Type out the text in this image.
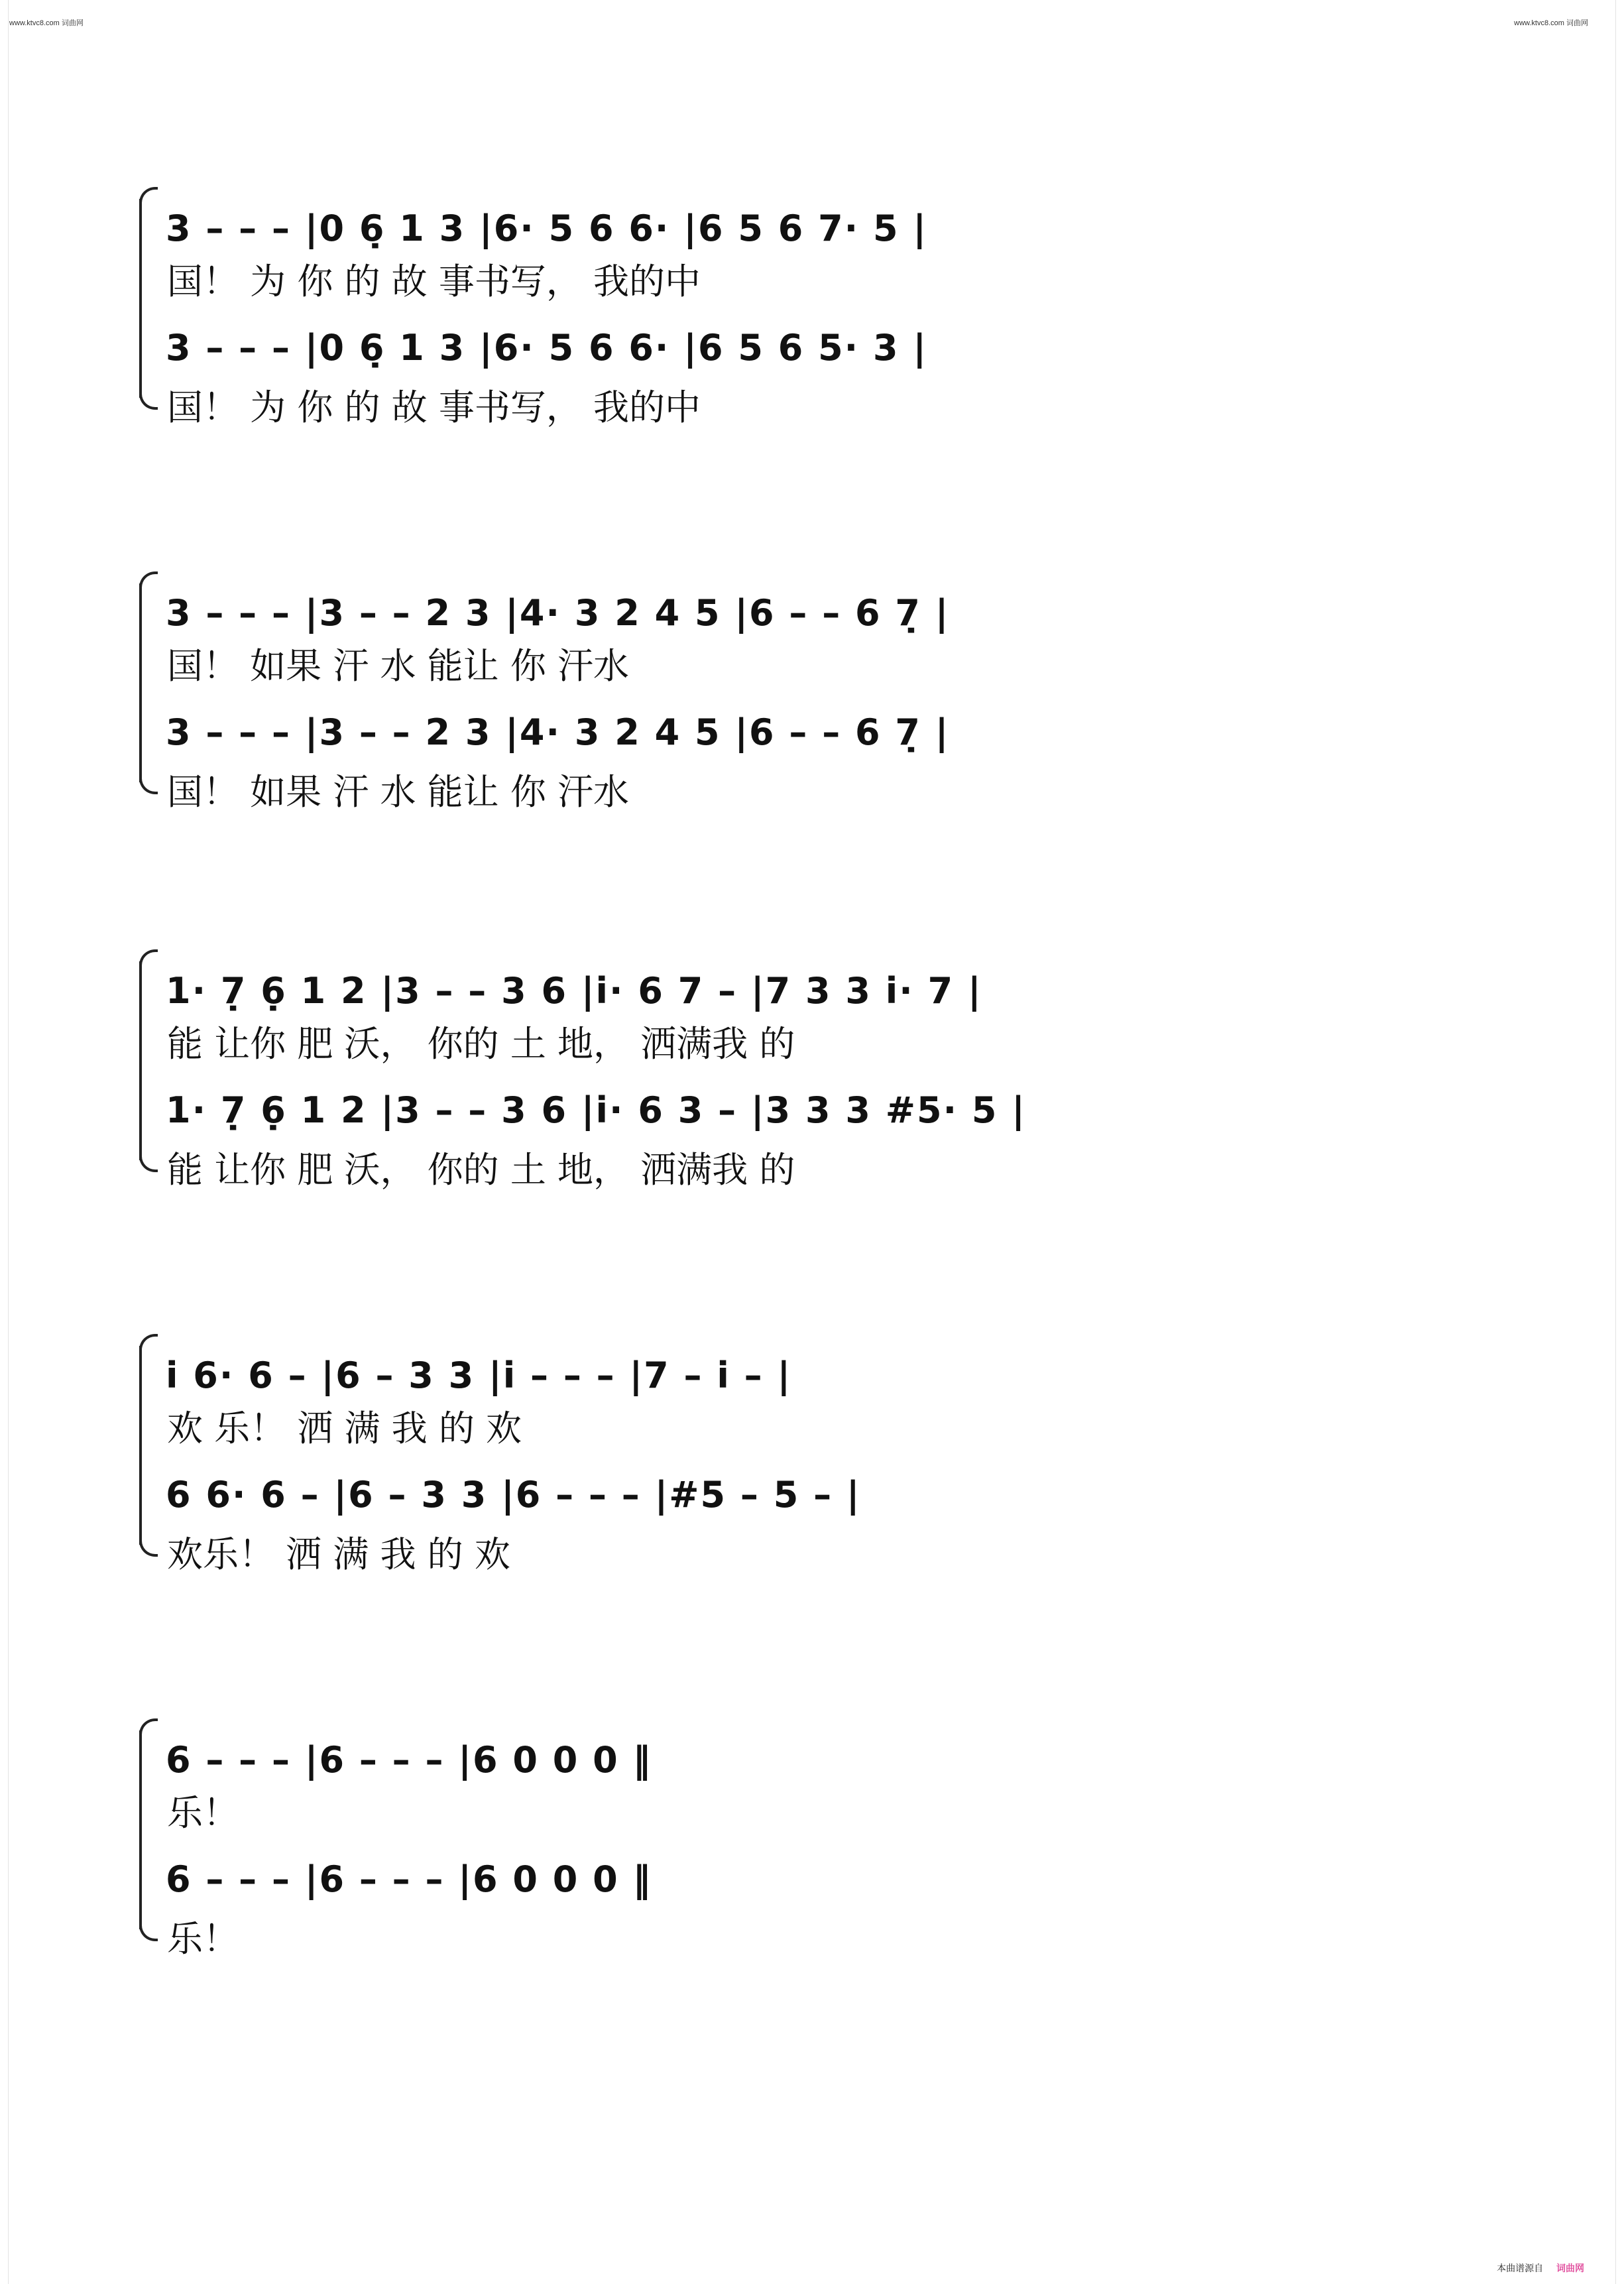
www.ktvc8.com 词曲网	www.ktvc8.com 词曲网
3 – – – |0 6̣ 1 3 |6· 5 6 6· |6 5 6 7· 5 |
国！ 为 你 的 故 事书写， 我的中
3 – – – |0 6̣ 1 3 |6· 5 6 6· |6 5 6 5· 3 |
国！ 为 你 的 故 事书写， 我的中
3 – – – |3 – – 2 3 |4· 3 2 4 5 |6 – – 6 7̣ |
国！ 如果 汗 水 能让 你 汗水
3 – – – |3 – – 2 3 |4· 3 2 4 5 |6 – – 6 7̣ |
国！ 如果 汗 水 能让 你 汗水
1· 7̣ 6̣ 1 2 |3 – – 3 6 |i· 6 7 – |7 3 3 i· 7 |
能 让你 肥 沃， 你的 土 地， 洒满我 的
1· 7̣ 6̣ 1 2 |3 – – 3 6 |i· 6 3 – |3 3 3 #5· 5 |
能 让你 肥 沃， 你的 土 地， 洒满我 的
i 6· 6 – |6 – 3 3 |i – – – |7 – i – |
欢 乐！ 洒 满 我 的 欢
6 6· 6 – |6 – 3 3 |6 – – – |#5 – 5 – |
欢乐！ 洒 满 我 的 欢
6 – – – |6 – – – |6 0 0 0 ‖
乐！
6 – – – |6 – – – |6 0 0 0 ‖
乐！
本曲谱源自 词曲网
